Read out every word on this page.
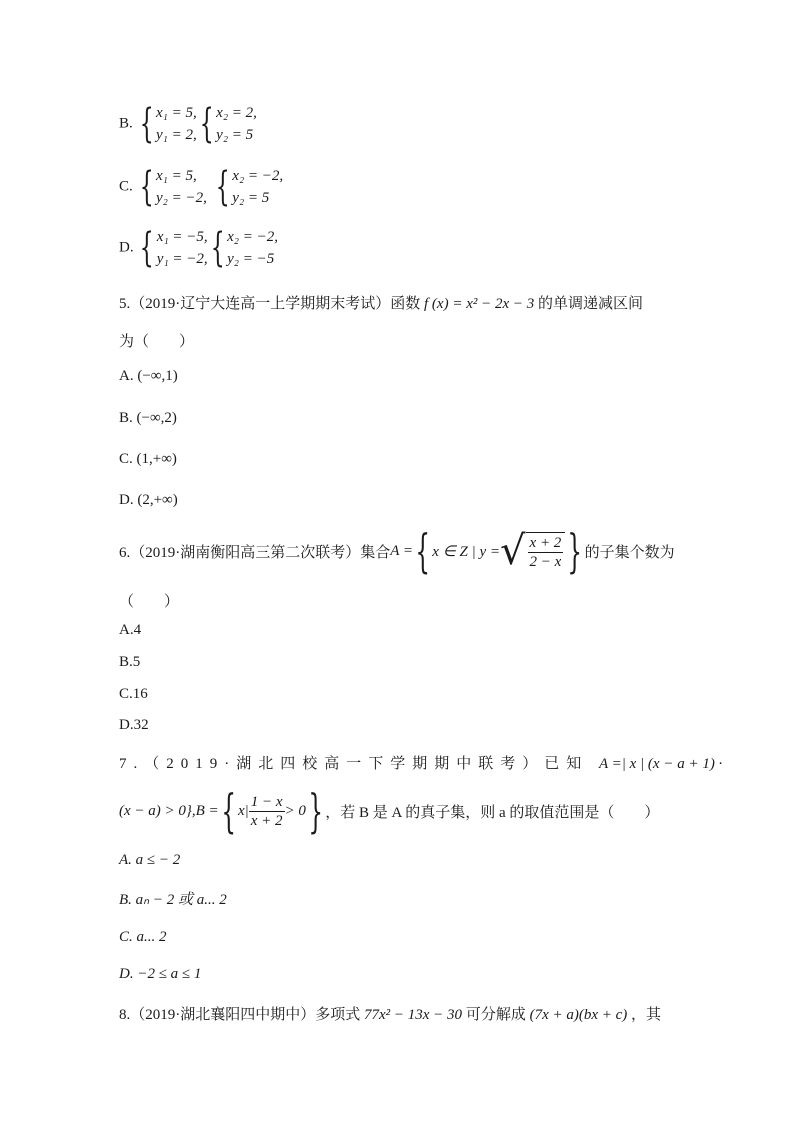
B. { x₁ = 5,
y₁ = 2, { x₂ = 2,
y₂ = 5
C. { x₁ = 5,
y₂ = −2, { x₂ = −2,
y₂ = 5
D. { x₁ = −5,
y₁ = −2, { x₂ = −2,
y₂ = −5
5.（2019·辽宁大连高一上学期期末考试）函数 f (x) = x² − 2x − 3 的单调递减区间
为（　　）
A. (−∞,1)
B. (−∞,2)
C. (1,+∞)
D. (2,+∞)
6.（2019·湖南衡阳高三第二次联考）集合 A = { x ∈ Z | y = √ $\frac{x + 2}{2 - x}$ } 的子集个数为
（　　）
A.4
B.5
C.16
D.32
7.（2019·湖北四校高一下学期期中联考）已知 A =| x | (x − a + 1) ·
(x − a) > 0},B = { $x| \frac{1 - x}{x + 2} > 0$ } ，若 B 是 A 的真子集，则 a 的取值范围是（　　）
A. a ≤ − 2
B. aₙ − 2 或 a... 2
C. a... 2
D. −2 ≤ a ≤ 1
8.（2019·湖北襄阳四中期中）多项式 77x² − 13x − 30 可分解成 (7x + a)(bx + c) ，其
